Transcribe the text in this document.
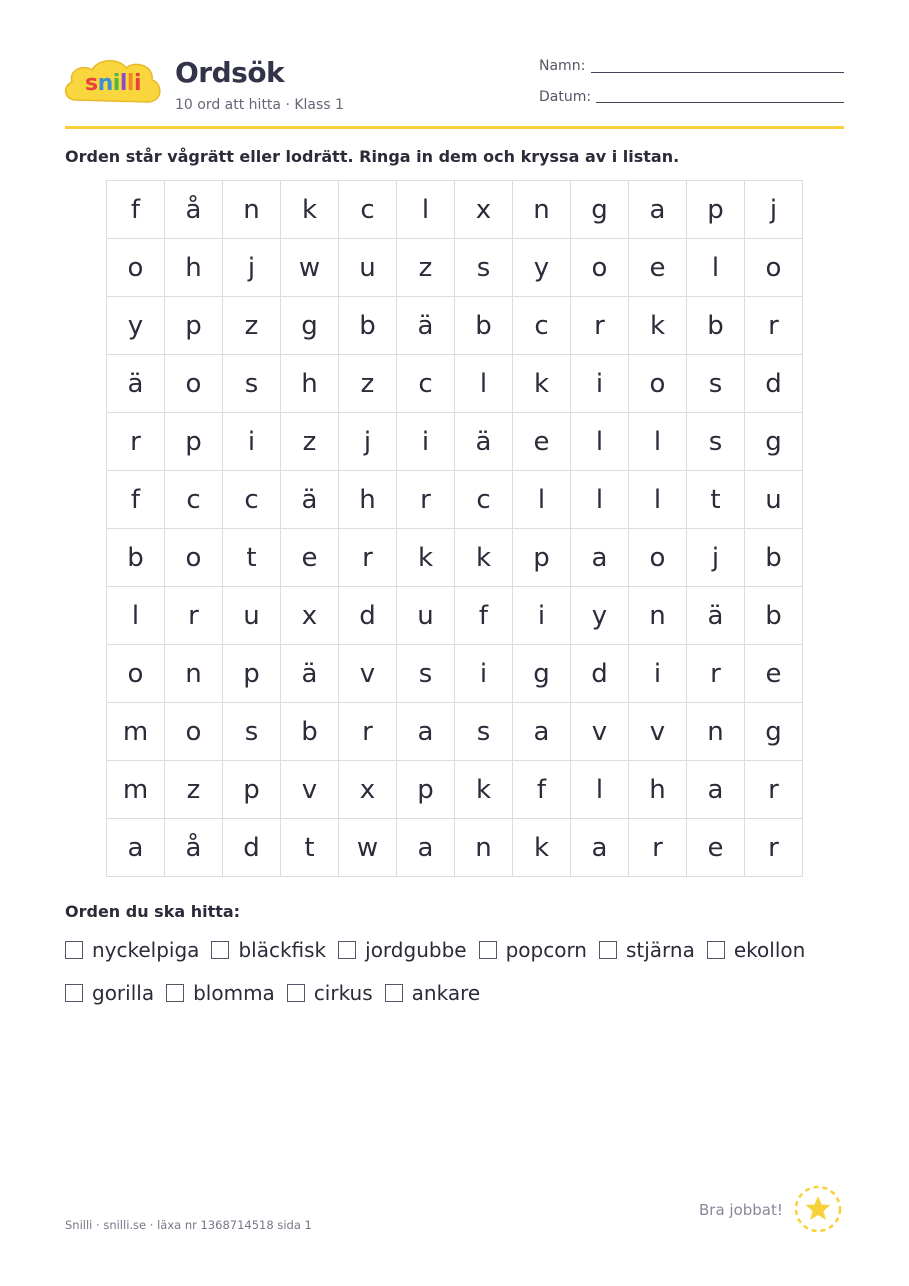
snilli Ordsök
10 ord att hitta · Klass 1
Namn:
Datum:
Orden står vågrätt eller lodrätt. Ringa in dem och kryssa av i listan.
f	å	n	k	c	l	x	n	g	a	p	j
o	h	j	w	u	z	s	y	o	e	l	o
y	p	z	g	b	ä	b	c	r	k	b	r
ä	o	s	h	z	c	l	k	i	o	s	d
r	p	i	z	j	i	ä	e	l	l	s	g
f	c	c	ä	h	r	c	l	l	l	t	u
b	o	t	e	r	k	k	p	a	o	j	b
l	r	u	x	d	u	f	i	y	n	ä	b
o	n	p	ä	v	s	i	g	d	i	r	e
m	o	s	b	r	a	s	a	v	v	n	g
m	z	p	v	x	p	k	f	l	h	a	r
a	å	d	t	w	a	n	k	a	r	e	r
Orden du ska hitta:
nyckelpiga bläckfisk jordgubbe popcorn stjärna ekollon
gorilla blomma cirkus ankare
Snilli · snilli.se · läxa nr 1368714518 sida 1
Bra jobbat!
